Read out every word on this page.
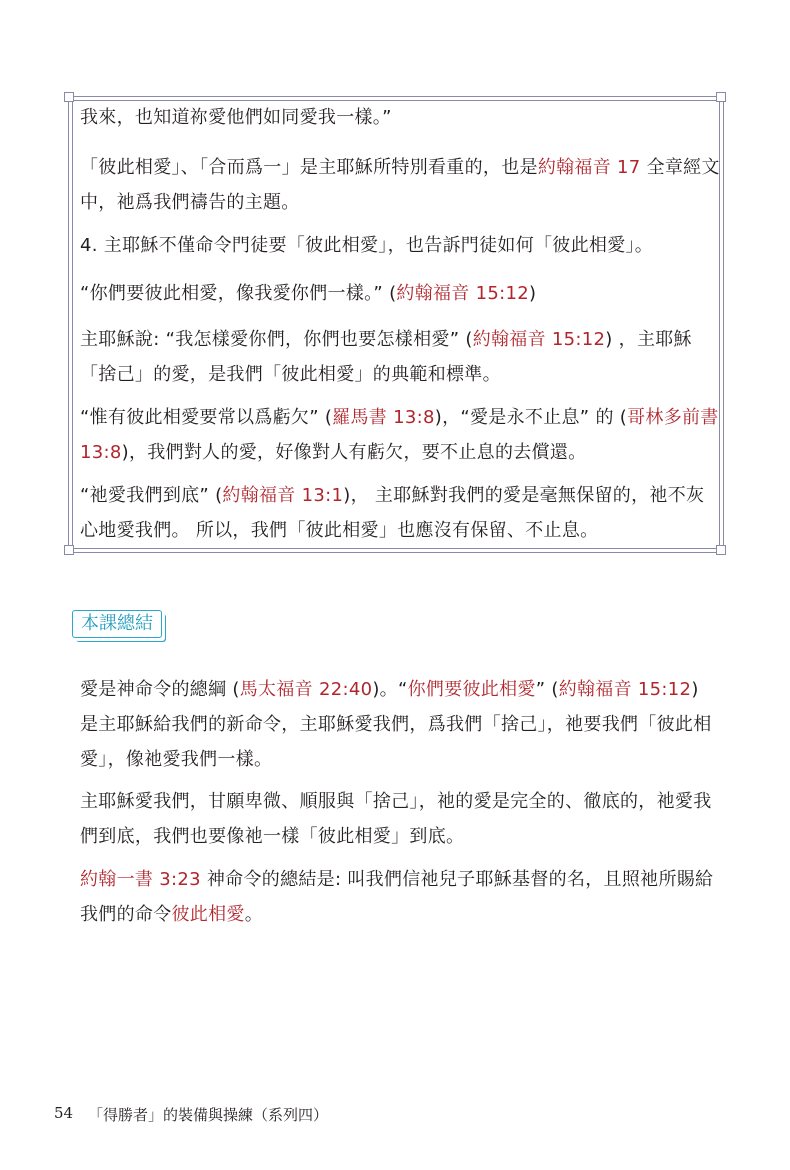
我來，也知道祢愛他們如同愛我一樣。”

「彼此相愛」、「合而爲一」是主耶穌所特別看重的，也是約翰福音 17 全章經文中，祂爲我們禱告的主題。

4. 主耶穌不僅命令門徒要「彼此相愛」，也告訴門徒如何「彼此相愛」。

“你們要彼此相愛，像我愛你們一樣。” (約翰福音 15:12)

主耶穌說: “我怎樣愛你們，你們也要怎樣相愛” (約翰福音 15:12) ，主耶穌「捨己」的愛，是我們「彼此相愛」的典範和標準。

“惟有彼此相愛要常以爲虧欠” (羅馬書 13:8)，“愛是永不止息” 的 (哥林多前書 13:8)，我們對人的愛，好像對人有虧欠，要不止息的去償還。

“祂愛我們到底” (約翰福音 13:1)， 主耶穌對我們的愛是毫無保留的，祂不灰心地愛我們。 所以，我們「彼此相愛」也應沒有保留、不止息。

本課總結

愛是神命令的總綱 (馬太福音 22:40)。“你們要彼此相愛” (約翰福音 15:12) 是主耶穌給我們的新命令，主耶穌愛我們，爲我們「捨己」，祂要我們「彼此相愛」，像祂愛我們一樣。

主耶穌愛我們，甘願卑微、順服與「捨己」，祂的愛是完全的、徹底的，祂愛我們到底，我們也要像祂一樣「彼此相愛」到底。

約翰一書 3:23 神命令的總結是: 叫我們信祂兒子耶穌基督的名，且照祂所賜給我們的命令彼此相愛。

54 「得勝者」的裝備與操練（系列四）
